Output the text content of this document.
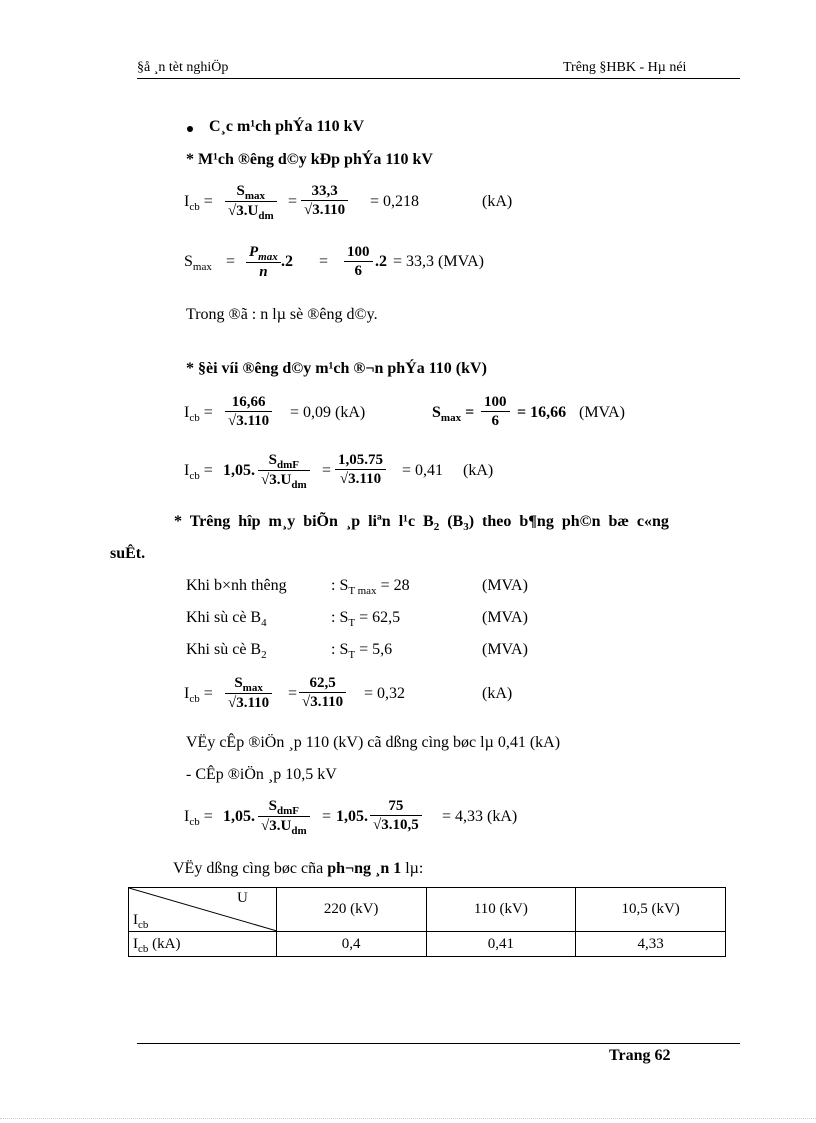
§å ¸n tèt nghiÖp	Trêng §HBK - Hµ néi
C¸c m¹ch phÝa 110 kV
* M¹ch ®êng d©y kÐp phÝa 110 kV
$I_{cb}$ =
$S_{max}$
$√3.U_{dm}$
=
33,3
√3.110 = 0,218	(kA)
$S_{max}$ =
$P_{max}$
n
.2 =
100
6
.2 = 33,3 (MVA)
Trong ®ã : n lµ sè ®êng d©y.
* §èi víi ®êng d©y m¹ch ®¬n phÝa 110 (kV)
$I_{cb}$ =
16,66
√3.110 = 0,09 (kA)	$S_{max}$ =
100
6 = 16,66 (MVA)
$I_{cb} = 1,05$.
$S_{dmF}$
$√3.U_{dm}$
=
1,05.75
√3.110 = 0,41 (kA)
* Trêng hîp m¸y biÕn ¸p liªn l¹c $B_2$ $(B_3)$ theo b¶ng ph©n bæ c«ng
suÊt.
Khi b×nh thêng	: $S_{T max} = 28$	(MVA)
Khi sù cè $B_4$	: $S_T = 62,5$	(MVA)
Khi sù cè $B_2$	: $S_T = 5,6$	(MVA)
$I_{cb}$ =
$S_{max}$
√3.110
=
62,5
√3.110 = 0,32	(kA)
VËy cÊp ®iÖn ¸p 110 (kV) cã dßng cìng bøc lµ 0,41 (kA)
- CÊp ®iÖn ¸p 10,5 kV
$I_{cb} = 1,05$.
$S_{dmF}$
$√3.U_{dm}$
= 1,05.
75
√3.10,5 = 4,33 (kA)
VËy dßng cìng bøc cña ph¬ng ¸n 1 lµ:
U
$I_{cb}$	220 (kV)	110 (kV)	10,5 (kV)
$I_{cb}$ (kA)	0,4	0,41	4,33
Trang 62
